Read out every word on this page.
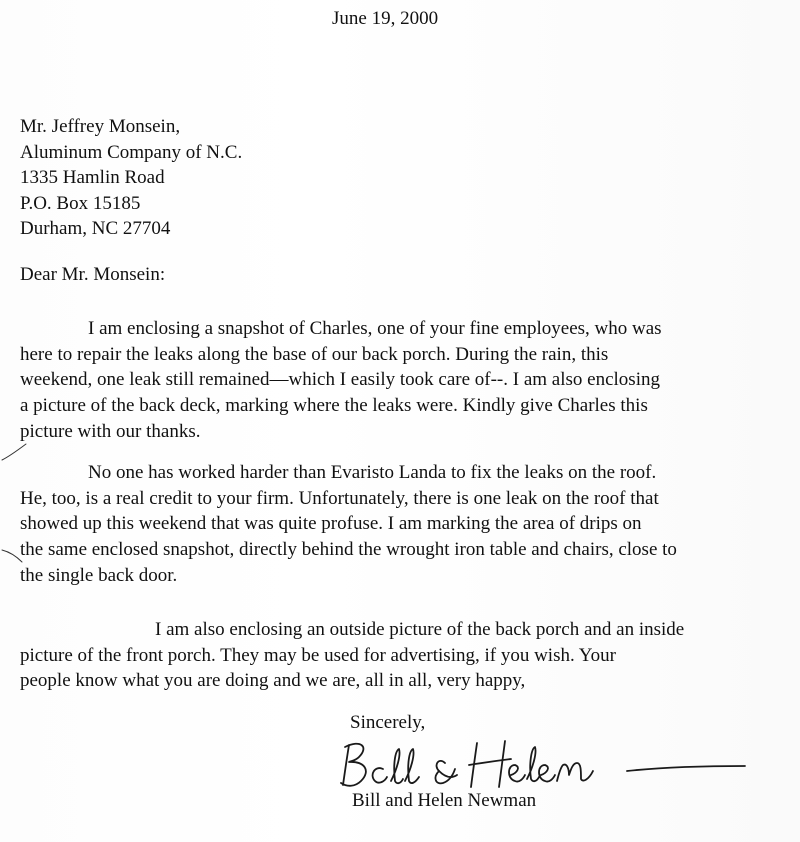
June 19, 2000
Mr. Jeffrey Monsein,
Aluminum Company of N.C.
1335 Hamlin Road
P.O. Box 15185
Durham, NC 27704
Dear Mr. Monsein:
I am enclosing a snapshot of Charles, one of your fine employees, who was
here to repair the leaks along the base of our back porch. During the rain, this
weekend, one leak still remained—which I easily took care of--. I am also enclosing
a picture of the back deck, marking where the leaks were. Kindly give Charles this
picture with our thanks.
No one has worked harder than Evaristo Landa to fix the leaks on the roof.
He, too, is a real credit to your firm. Unfortunately, there is one leak on the roof that
showed up this weekend that was quite profuse. I am marking the area of drips on
the same enclosed snapshot, directly behind the wrought iron table and chairs, close to
the single back door.
I am also enclosing an outside picture of the back porch and an inside
picture of the front porch. They may be used for advertising, if you wish. Your
people know what you are doing and we are, all in all, very happy,
Sincerely,
Bill and Helen Newman
